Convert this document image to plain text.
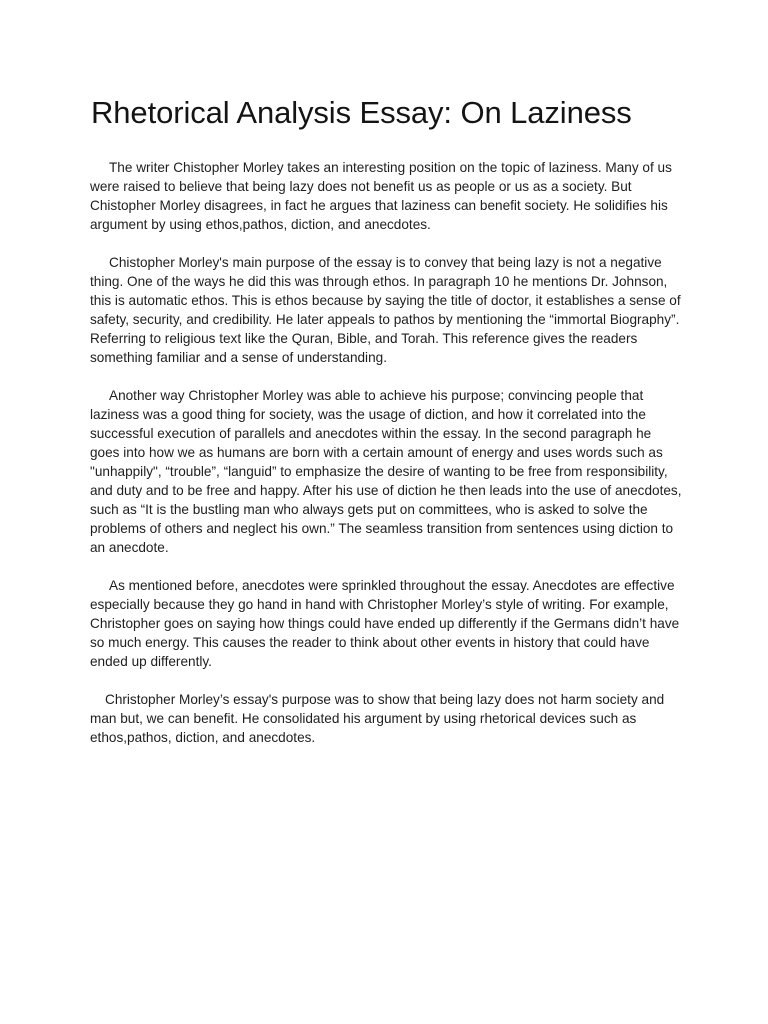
Rhetorical Analysis Essay: On Laziness

The writer Chistopher Morley takes an interesting position on the topic of laziness. Many of us were raised to believe that being lazy does not benefit us as people or us as a society. But Chistopher Morley disagrees, in fact he argues that laziness can benefit society. He solidifies his argument by using ethos,pathos, diction, and anecdotes.

Chistopher Morley's main purpose of the essay is to convey that being lazy is not a negative thing. One of the ways he did this was through ethos. In paragraph 10 he mentions Dr. Johnson, this is automatic ethos. This is ethos because by saying the title of doctor, it establishes a sense of safety, security, and credibility. He later appeals to pathos by mentioning the “immortal Biography”. Referring to religious text like the Quran, Bible, and Torah. This reference gives the readers something familiar and a sense of understanding.

Another way Christopher Morley was able to achieve his purpose; convincing people that laziness was a good thing for society, was the usage of diction, and how it correlated into the successful execution of parallels and anecdotes within the essay. In the second paragraph he goes into how we as humans are born with a certain amount of energy and uses words such as "unhappily", “trouble”, “languid” to emphasize the desire of wanting to be free from responsibility, and duty and to be free and happy. After his use of diction he then leads into the use of anecdotes, such as “It is the bustling man who always gets put on committees, who is asked to solve the problems of others and neglect his own.” The seamless transition from sentences using diction to an anecdote.

As mentioned before, anecdotes were sprinkled throughout the essay. Anecdotes are effective especially because they go hand in hand with Christopher Morley’s style of writing. For example, Christopher goes on saying how things could have ended up differently if the Germans didn’t have so much energy. This causes the reader to think about other events in history that could have ended up differently.

Christopher Morley’s essay's purpose was to show that being lazy does not harm society and man but, we can benefit. He consolidated his argument by using rhetorical devices such as ethos,pathos, diction, and anecdotes.
